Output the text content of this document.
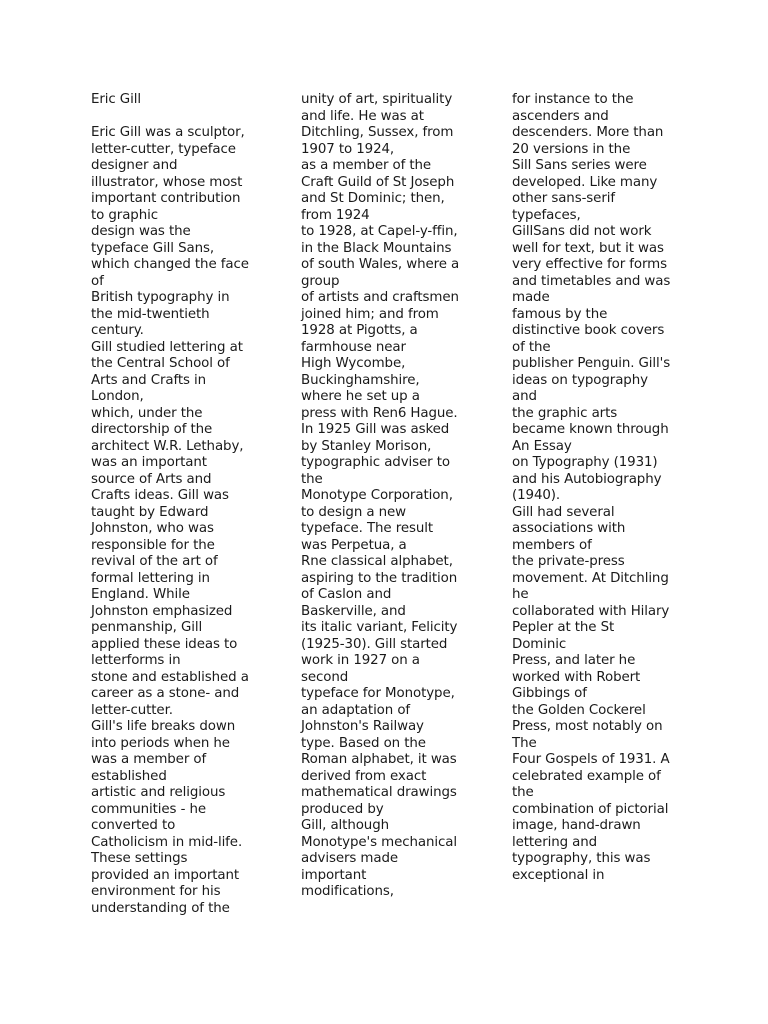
Eric Gill
Eric Gill was a sculptor,
letter-cutter, typeface
designer and
illustrator, whose most
important contribution
to graphic
design was the
typeface Gill Sans,
which changed the face
of
British typography in
the mid-twentieth
century.
Gill studied lettering at
the Central School of
Arts and Crafts in
London,
which, under the
directorship of the
architect W.R. Lethaby,
was an important
source of Arts and
Crafts ideas. Gill was
taught by Edward
Johnston, who was
responsible for the
revival of the art of
formal lettering in
England. While
Johnston emphasized
penmanship, Gill
applied these ideas to
letterforms in
stone and established a
career as a stone- and
letter-cutter.
Gill's life breaks down
into periods when he
was a member of
established
artistic and religious
communities - he
converted to
Catholicism in mid-life.
These settings
provided an important
environment for his
understanding of the
unity of art, spirituality
and life. He was at
Ditchling, Sussex, from
1907 to 1924,
as a member of the
Craft Guild of St Joseph
and St Dominic; then,
from 1924
to 1928, at Capel-y-ffin,
in the Black Mountains
of south Wales, where a
group
of artists and craftsmen
joined him; and from
1928 at Pigotts, a
farmhouse near
High Wycombe,
Buckinghamshire,
where he set up a
press with Ren6 Hague.
In 1925 Gill was asked
by Stanley Morison,
typographic adviser to
the
Monotype Corporation,
to design a new
typeface. The result
was Perpetua, a
Rne classical alphabet,
aspiring to the tradition
of Caslon and
Baskerville, and
its italic variant, Felicity
(1925-30). Gill started
work in 1927 on a
second
typeface for Monotype,
an adaptation of
Johnston's Railway
type. Based on the
Roman alphabet, it was
derived from exact
mathematical drawings
produced by
Gill, although
Monotype's mechanical
advisers made
important
modifications,
for instance to the
ascenders and
descenders. More than
20 versions in the
Sill Sans series were
developed. Like many
other sans-serif
typefaces,
GillSans did not work
well for text, but it was
very effective for forms
and timetables and was
made
famous by the
distinctive book covers
of the
publisher Penguin. Gill's
ideas on typography
and
the graphic arts
became known through
An Essay
on Typography (1931)
and his Autobiography
(1940).
Gill had several
associations with
members of
the private-press
movement. At Ditchling
he
collaborated with Hilary
Pepler at the St
Dominic
Press, and later he
worked with Robert
Gibbings of
the Golden Cockerel
Press, most notably on
The
Four Gospels of 1931. A
celebrated example of
the
combination of pictorial
image, hand-drawn
lettering and
typography, this was
exceptional in
